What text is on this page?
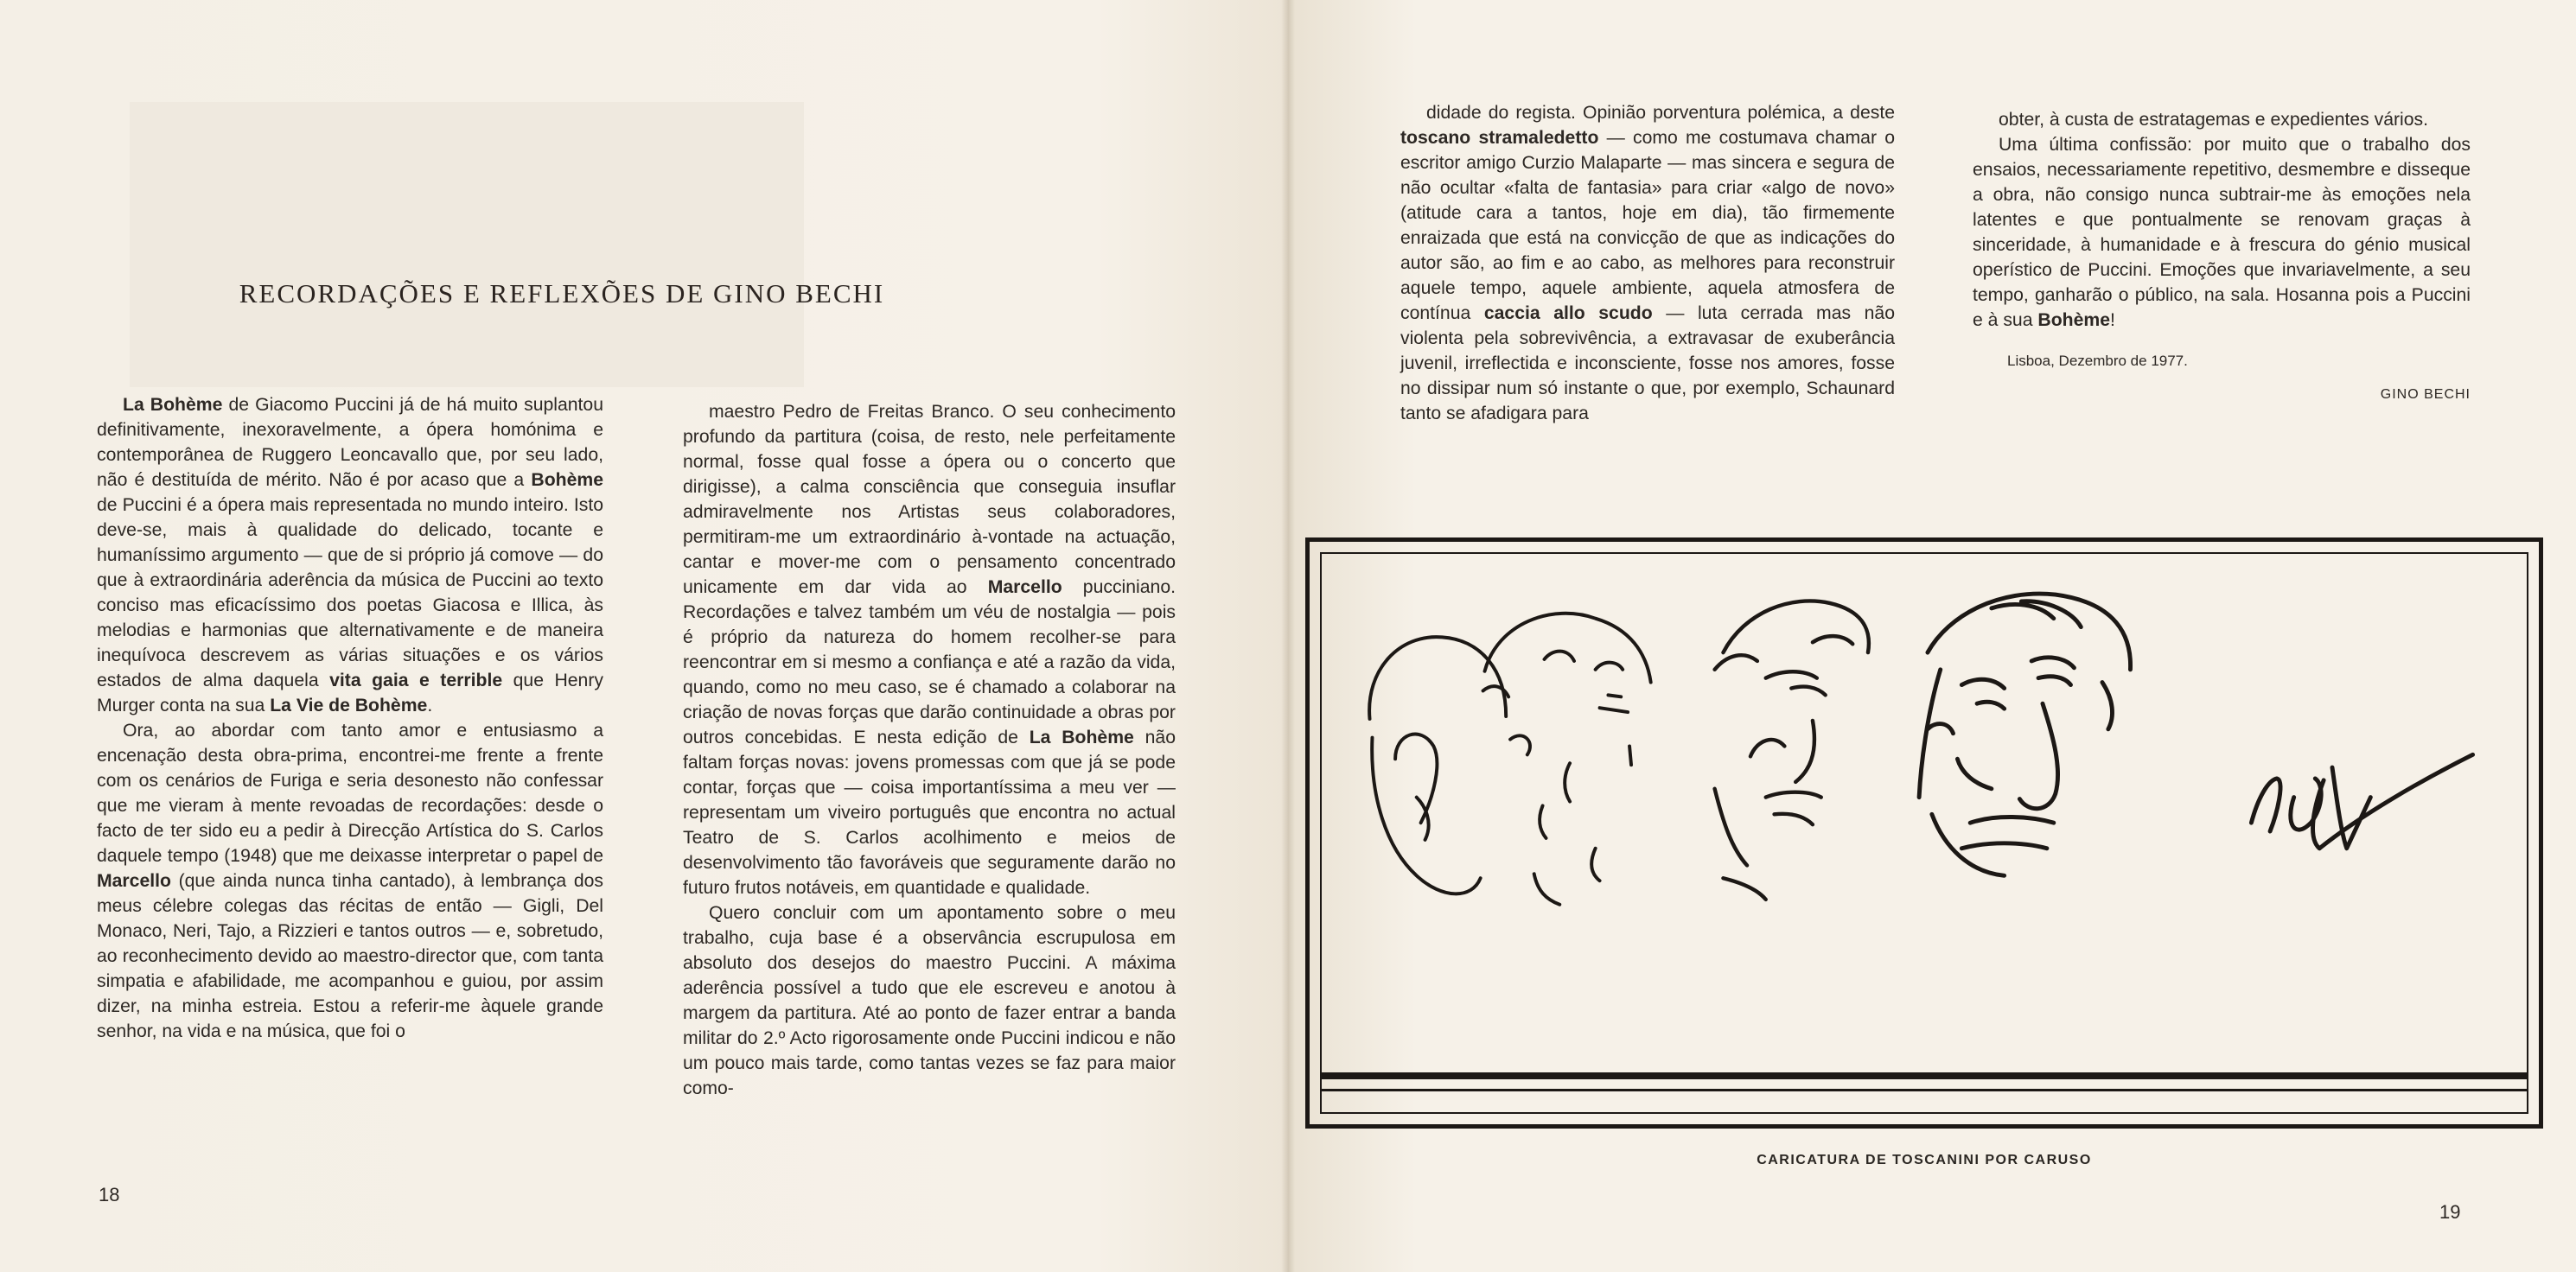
RECORDAÇÕES E REFLEXÕES DE GINO BECHI

La Bohème de Giacomo Puccini já de há muito suplantou definitivamente, inexoravelmente, a ópera homónima e contemporânea de Ruggero Leoncavallo que, por seu lado, não é destituída de mérito. Não é por acaso que a Bohème de Puccini é a ópera mais representada no mundo inteiro. Isto deve-se, mais à qualidade do delicado, tocante e humaníssimo argumento — que de si próprio já comove — do que à extraordinária aderência da música de Puccini ao texto conciso mas eficacíssimo dos poetas Giacosa e Illica, às melodias e harmonias que alternativamente e de maneira inequívoca descrevem as várias situações e os vários estados de alma daquela vita gaia e terrible que Henry Murger conta na sua La Vie de Bohème.

Ora, ao abordar com tanto amor e entusiasmo a encenação desta obra-prima, encontrei-me frente a frente com os cenários de Furiga e seria desonesto não confessar que me vieram à mente revoadas de recordações: desde o facto de ter sido eu a pedir à Direcção Artística do S. Carlos daquele tempo (1948) que me deixasse interpretar o papel de Marcello (que ainda nunca tinha cantado), à lembrança dos meus célebre colegas das récitas de então — Gigli, Del Monaco, Neri, Tajo, a Rizzieri e tantos outros — e, sobretudo, ao reconhecimento devido ao maestro-director que, com tanta simpatia e afabilidade, me acompanhou e guiou, por assim dizer, na minha estreia. Estou a referir-me àquele grande senhor, na vida e na música, que foi o

maestro Pedro de Freitas Branco. O seu conhecimento profundo da partitura (coisa, de resto, nele perfeitamente normal, fosse qual fosse a ópera ou o concerto que dirigisse), a calma consciência que conseguia insuflar admiravelmente nos Artistas seus colaboradores, permitiram-me um extraordinário à-vontade na actuação, cantar e mover-me com o pensamento concentrado unicamente em dar vida ao Marcello pucciniano. Recordações e talvez também um véu de nostalgia — pois é próprio da natureza do homem recolher-se para reencontrar em si mesmo a confiança e até a razão da vida, quando, como no meu caso, se é chamado a colaborar na criação de novas forças que darão continuidade a obras por outros concebidas. E nesta edição de La Bohème não faltam forças novas: jovens promessas com que já se pode contar, forças que — coisa importantíssima a meu ver — representam um viveiro português que encontra no actual Teatro de S. Carlos acolhimento e meios de desenvolvimento tão favoráveis que seguramente darão no futuro frutos notáveis, em quantidade e qualidade.

Quero concluir com um apontamento sobre o meu trabalho, cuja base é a observância escrupulosa em absoluto dos desejos do maestro Puccini. A máxima aderência possível a tudo que ele escreveu e anotou à margem da partitura. Até ao ponto de fazer entrar a banda militar do 2.º Acto rigorosamente onde Puccini indicou e não um pouco mais tarde, como tantas vezes se faz para maior como-

didade do regista. Opinião porventura polémica, a deste toscano stramaledetto — como me costumava chamar o escritor amigo Curzio Malaparte — mas sincera e segura de não ocultar «falta de fantasia» para criar «algo de novo» (atitude cara a tantos, hoje em dia), tão firmemente enraizada que está na convicção de que as indicações do autor são, ao fim e ao cabo, as melhores para reconstruir aquele tempo, aquele ambiente, aquela atmosfera de contínua caccia allo scudo — luta cerrada mas não violenta pela sobrevivência, a extravasar de exuberância juvenil, irreflectida e inconsciente, fosse nos amores, fosse no dissipar num só instante o que, por exemplo, Schaunard tanto se afadigara para

obter, à custa de estratagemas e expedientes vários.

Uma última confissão: por muito que o trabalho dos ensaios, necessariamente repetitivo, desmembre e disseque a obra, não consigo nunca subtrair-me às emoções nela latentes e que pontualmente se renovam graças à sinceridade, à humanidade e à frescura do génio musical operístico de Puccini. Emoções que invariavelmente, a seu tempo, ganharão o público, na sala. Hosanna pois a Puccini e à sua Bohème!

Lisboa, Dezembro de 1977.
GINO BECHI
18
19
CARICATURA DE TOSCANINI POR CARUSO
